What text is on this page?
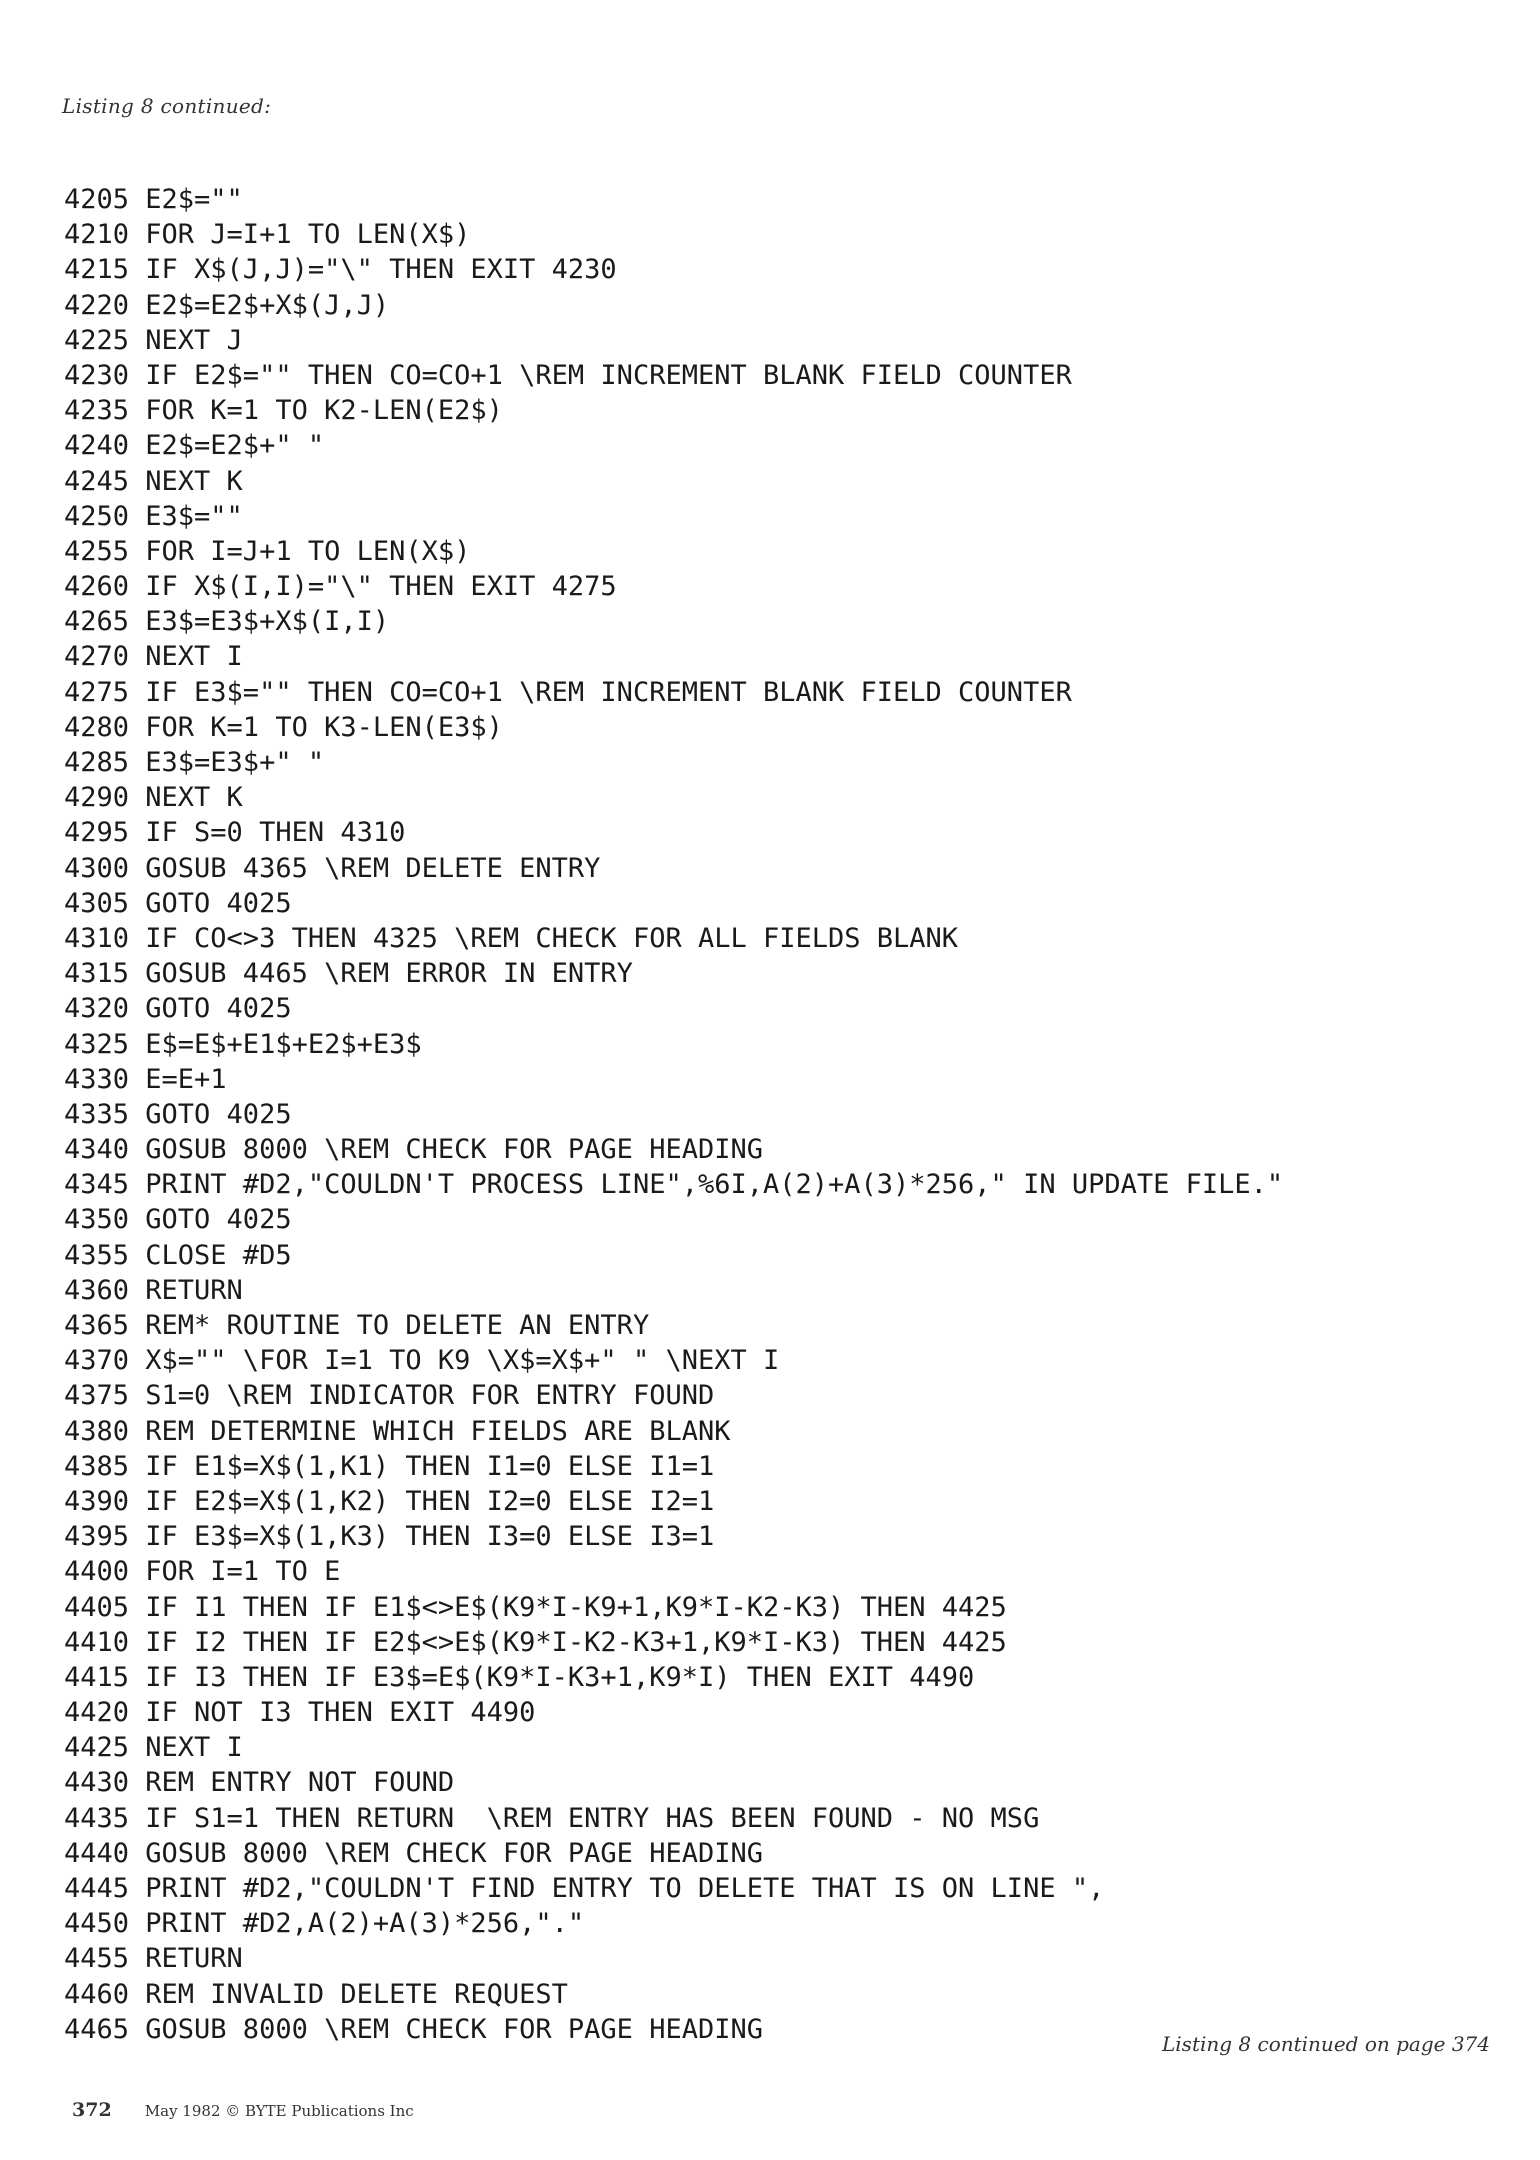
Listing 8 continued:
4205 E2$=""
4210 FOR J=I+1 TO LEN(X$)
4215 IF X$(J,J)="\" THEN EXIT 4230
4220 E2$=E2$+X$(J,J)
4225 NEXT J
4230 IF E2$="" THEN CO=CO+1 \REM INCREMENT BLANK FIELD COUNTER
4235 FOR K=1 TO K2-LEN(E2$)
4240 E2$=E2$+" "
4245 NEXT K
4250 E3$=""
4255 FOR I=J+1 TO LEN(X$)
4260 IF X$(I,I)="\" THEN EXIT 4275
4265 E3$=E3$+X$(I,I)
4270 NEXT I
4275 IF E3$="" THEN CO=CO+1 \REM INCREMENT BLANK FIELD COUNTER
4280 FOR K=1 TO K3-LEN(E3$)
4285 E3$=E3$+" "
4290 NEXT K
4295 IF S=0 THEN 4310
4300 GOSUB 4365 \REM DELETE ENTRY
4305 GOTO 4025
4310 IF CO<>3 THEN 4325 \REM CHECK FOR ALL FIELDS BLANK
4315 GOSUB 4465 \REM ERROR IN ENTRY
4320 GOTO 4025
4325 E$=E$+E1$+E2$+E3$
4330 E=E+1
4335 GOTO 4025
4340 GOSUB 8000 \REM CHECK FOR PAGE HEADING
4345 PRINT #D2,"COULDN'T PROCESS LINE",%6I,A(2)+A(3)*256," IN UPDATE FILE."
4350 GOTO 4025
4355 CLOSE #D5
4360 RETURN
4365 REM* ROUTINE TO DELETE AN ENTRY
4370 X$="" \FOR I=1 TO K9 \X$=X$+" " \NEXT I
4375 S1=0 \REM INDICATOR FOR ENTRY FOUND
4380 REM DETERMINE WHICH FIELDS ARE BLANK
4385 IF E1$=X$(1,K1) THEN I1=0 ELSE I1=1
4390 IF E2$=X$(1,K2) THEN I2=0 ELSE I2=1
4395 IF E3$=X$(1,K3) THEN I3=0 ELSE I3=1
4400 FOR I=1 TO E
4405 IF I1 THEN IF E1$<>E$(K9*I-K9+1,K9*I-K2-K3) THEN 4425
4410 IF I2 THEN IF E2$<>E$(K9*I-K2-K3+1,K9*I-K3) THEN 4425
4415 IF I3 THEN IF E3$=E$(K9*I-K3+1,K9*I) THEN EXIT 4490
4420 IF NOT I3 THEN EXIT 4490
4425 NEXT I
4430 REM ENTRY NOT FOUND
4435 IF S1=1 THEN RETURN  \REM ENTRY HAS BEEN FOUND - NO MSG
4440 GOSUB 8000 \REM CHECK FOR PAGE HEADING
4445 PRINT #D2,"COULDN'T FIND ENTRY TO DELETE THAT IS ON LINE ",
4450 PRINT #D2,A(2)+A(3)*256,"."
4455 RETURN
4460 REM INVALID DELETE REQUEST
4465 GOSUB 8000 \REM CHECK FOR PAGE HEADING	Listing 8 continued on page 374
372 May 1982 © BYTE Publications Inc
